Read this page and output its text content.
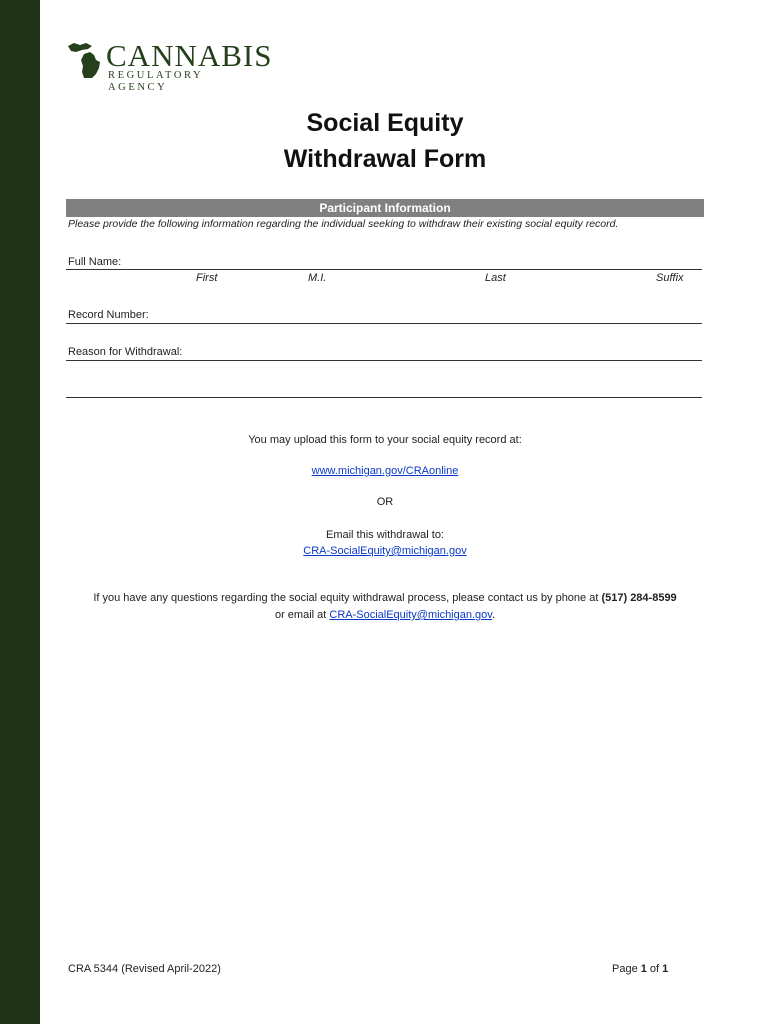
CANNABIS
REGULATORY AGENCY
Social Equity
Withdrawal Form
Participant Information
Please provide the following information regarding the individual seeking to withdraw their existing social equity record.
Full Name:
First	M.I.	Last	Suffix
Record Number:
Reason for Withdrawal:
You may upload this form to your social equity record at:
www.michigan.gov/CRAonline
OR
Email this withdrawal to:
CRA-SocialEquity@michigan.gov
If you have any questions regarding the social equity withdrawal process, please contact us by phone at (517) 284-8599
or email at CRA-SocialEquity@michigan.gov.
CRA 5344 (Revised April-2022)	Page 1 of 1
